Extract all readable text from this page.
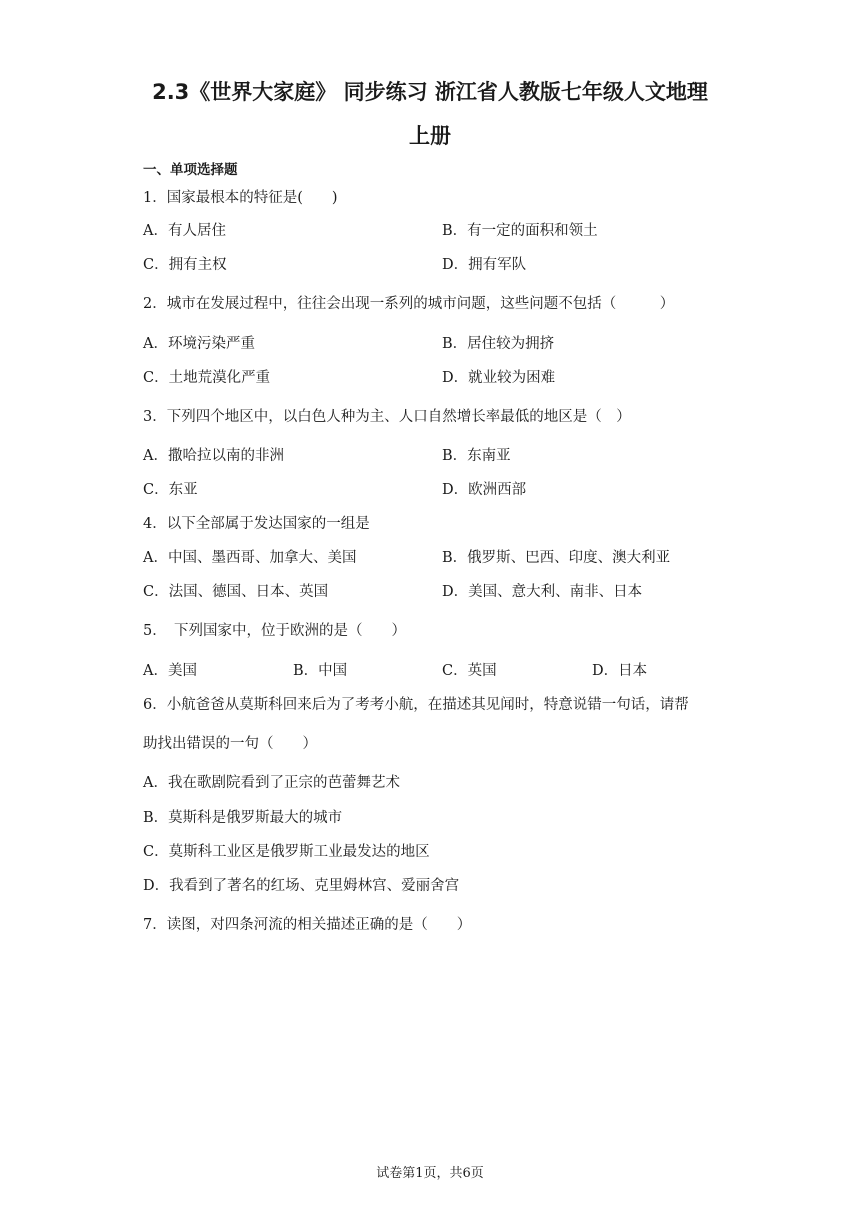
2.3《世界大家庭》 同步练习 浙江省人教版七年级人文地理
上册
一、单项选择题
1．国家最根本的特征是(　　)
A．有人居住	B．有一定的面积和领土
C．拥有主权	D．拥有军队
2．城市在发展过程中，往往会出现一系列的城市问题，这些问题不包括（　　　）
A．环境污染严重	B．居住较为拥挤
C．土地荒漠化严重	D．就业较为困难
3．下列四个地区中，以白色人种为主、人口自然增长率最低的地区是（　）
A．撒哈拉以南的非洲	B．东南亚
C．东亚	D．欧洲西部
4．以下全部属于发达国家的一组是
A．中国、墨西哥、加拿大、美国	B．俄罗斯、巴西、印度、澳大利亚
C．法国、德国、日本、英国	D．美国、意大利、南非、日本
5．　下列国家中，位于欧洲的是（　　）
A．美国	B．中国	C．英国	D．日本
6．小航爸爸从莫斯科回来后为了考考小航，在描述其见闻时，特意说错一句话，请帮
助找出错误的一句（　　）
A．我在歌剧院看到了正宗的芭蕾舞艺术
B．莫斯科是俄罗斯最大的城市
C．莫斯科工业区是俄罗斯工业最发达的地区
D．我看到了著名的红场、克里姆林宫、爱丽舍宫
7．读图，对四条河流的相关描述正确的是（　　）
试卷第1页，共6页
